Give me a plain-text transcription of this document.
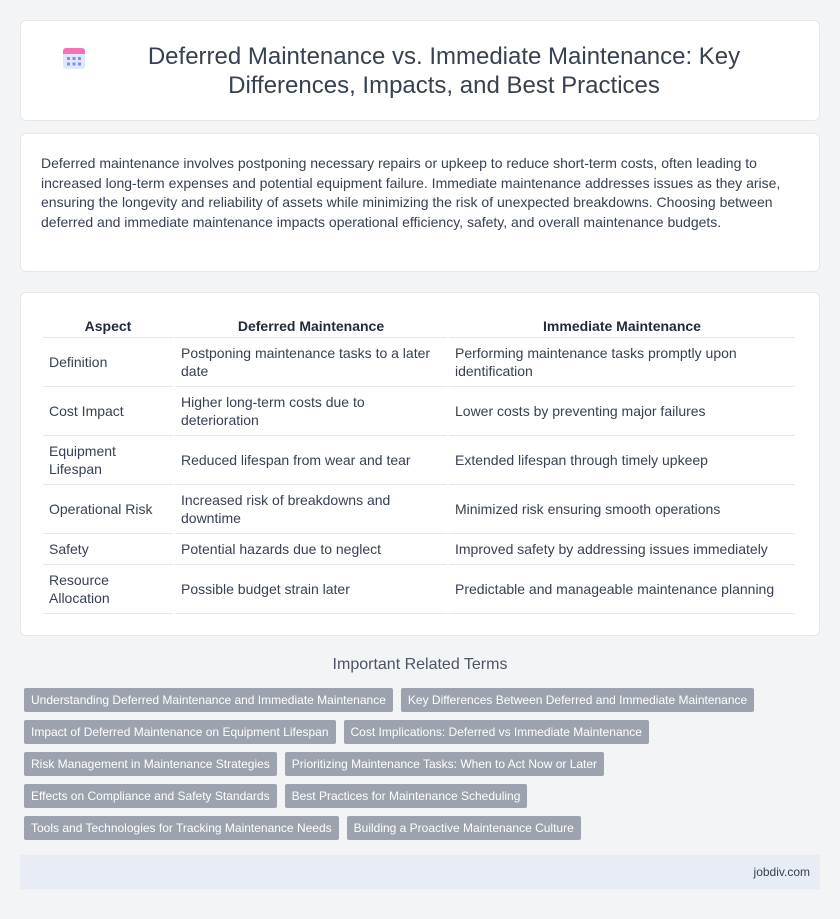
Deferred Maintenance vs. Immediate Maintenance: Key Differences, Impacts, and Best Practices

Deferred maintenance involves postponing necessary repairs or upkeep to reduce short-term costs, often leading to increased long-term expenses and potential equipment failure. Immediate maintenance addresses issues as they arise, ensuring the longevity and reliability of assets while minimizing the risk of unexpected breakdowns. Choosing between deferred and immediate maintenance impacts operational efficiency, safety, and overall maintenance budgets.

Aspect	Deferred Maintenance	Immediate Maintenance
Definition	Postponing maintenance tasks to a later date	Performing maintenance tasks promptly upon identification
Cost Impact	Higher long-term costs due to deterioration	Lower costs by preventing major failures
Equipment Lifespan	Reduced lifespan from wear and tear	Extended lifespan through timely upkeep
Operational Risk	Increased risk of breakdowns and downtime	Minimized risk ensuring smooth operations
Safety	Potential hazards due to neglect	Improved safety by addressing issues immediately
Resource Allocation	Possible budget strain later	Predictable and manageable maintenance planning
Important Related Terms
Understanding Deferred Maintenance and Immediate Maintenance	Key Differences Between Deferred and Immediate Maintenance
Impact of Deferred Maintenance on Equipment Lifespan	Cost Implications: Deferred vs Immediate Maintenance
Risk Management in Maintenance Strategies	Prioritizing Maintenance Tasks: When to Act Now or Later
Effects on Compliance and Safety Standards	Best Practices for Maintenance Scheduling
Tools and Technologies for Tracking Maintenance Needs	Building a Proactive Maintenance Culture
jobdiv.com
